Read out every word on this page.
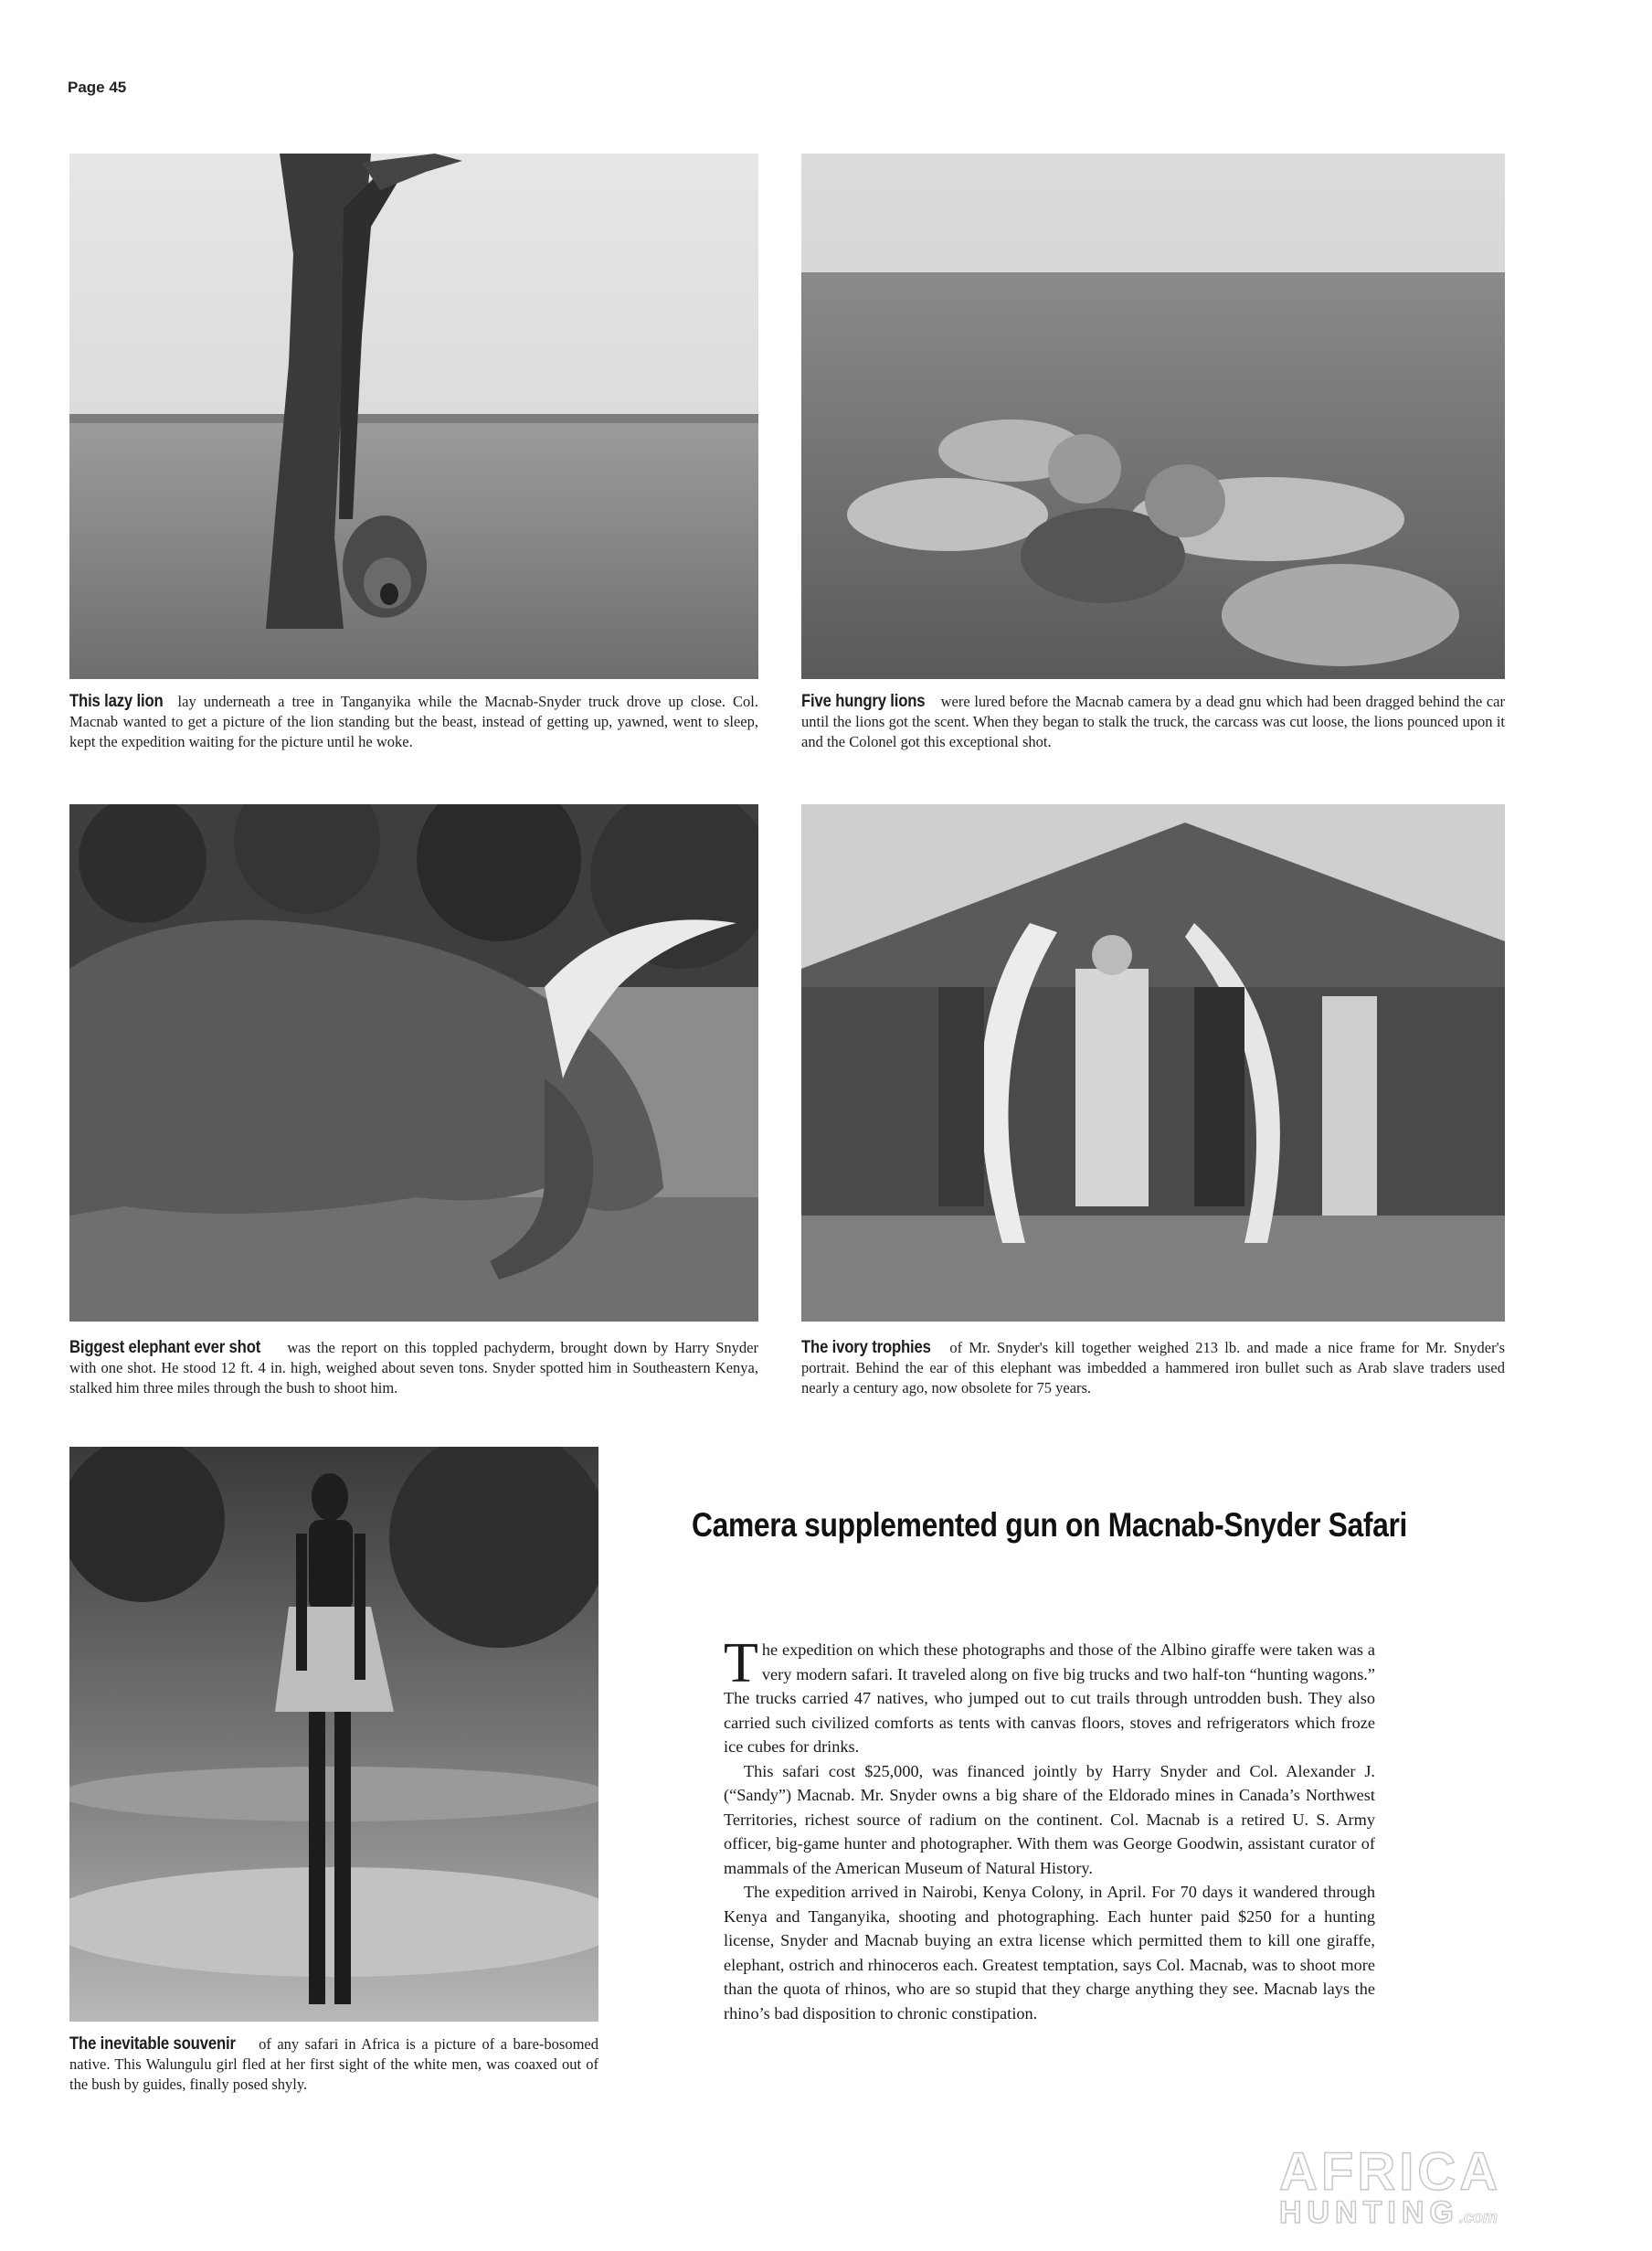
Page 45
This lazy lion lay underneath a tree in Tanganyika while the Macnab-Snyder truck drove up close. Col. Macnab wanted to get a picture of the lion standing but the beast, instead of getting up, yawned, went to sleep, kept the expedition waiting for the picture until he woke.
Five hungry lions were lured before the Macnab camera by a dead gnu which had been dragged behind the car until the lions got the scent. When they began to stalk the truck, the carcass was cut loose, the lions pounced upon it and the Colonel got this exceptional shot.
Biggest elephant ever shot was the report on this toppled pachyderm, brought down by Harry Snyder with one shot. He stood 12 ft. 4 in. high, weighed about seven tons. Snyder spotted him in Southeastern Kenya, stalked him three miles through the bush to shoot him.
The ivory trophies of Mr. Snyder's kill together weighed 213 lb. and made a nice frame for Mr. Snyder's portrait. Behind the ear of this elephant was imbedded a hammered iron bullet such as Arab slave traders used nearly a century ago, now obsolete for 75 years.
The inevitable souvenir of any safari in Africa is a picture of a bare-bosomed native. This Walungulu girl fled at her first sight of the white men, was coaxed out of the bush by guides, finally posed shyly.
Camera supplemented gun on Macnab-Snyder Safari

The expedition on which these photographs and those of the Albino giraffe were taken was a very modern safari. It traveled along on five big trucks and two half-ton “hunting wagons.” The trucks carried 47 natives, who jumped out to cut trails through untrodden bush. They also carried such civilized comforts as tents with canvas floors, stoves and refrigerators which froze ice cubes for drinks.

This safari cost $25,000, was financed jointly by Harry Snyder and Col. Alexander J. (“Sandy”) Macnab. Mr. Snyder owns a big share of the Eldorado mines in Canada’s Northwest Territories, richest source of radium on the continent. Col. Macnab is a retired U. S. Army officer, big-game hunter and photographer. With them was George Goodwin, assistant curator of mammals of the American Museum of Natural History.

The expedition arrived in Nairobi, Kenya Colony, in April. For 70 days it wandered through Kenya and Tanganyika, shooting and photographing. Each hunter paid $250 for a hunting license, Snyder and Macnab buying an extra license which permitted them to kill one giraffe, elephant, ostrich and rhinoceros each. Greatest temptation, says Col. Macnab, was to shoot more than the quota of rhinos, who are so stupid that they charge anything they see. Macnab lays the rhino’s bad disposition to chronic constipation.

AFRICA
HUNTING.com
